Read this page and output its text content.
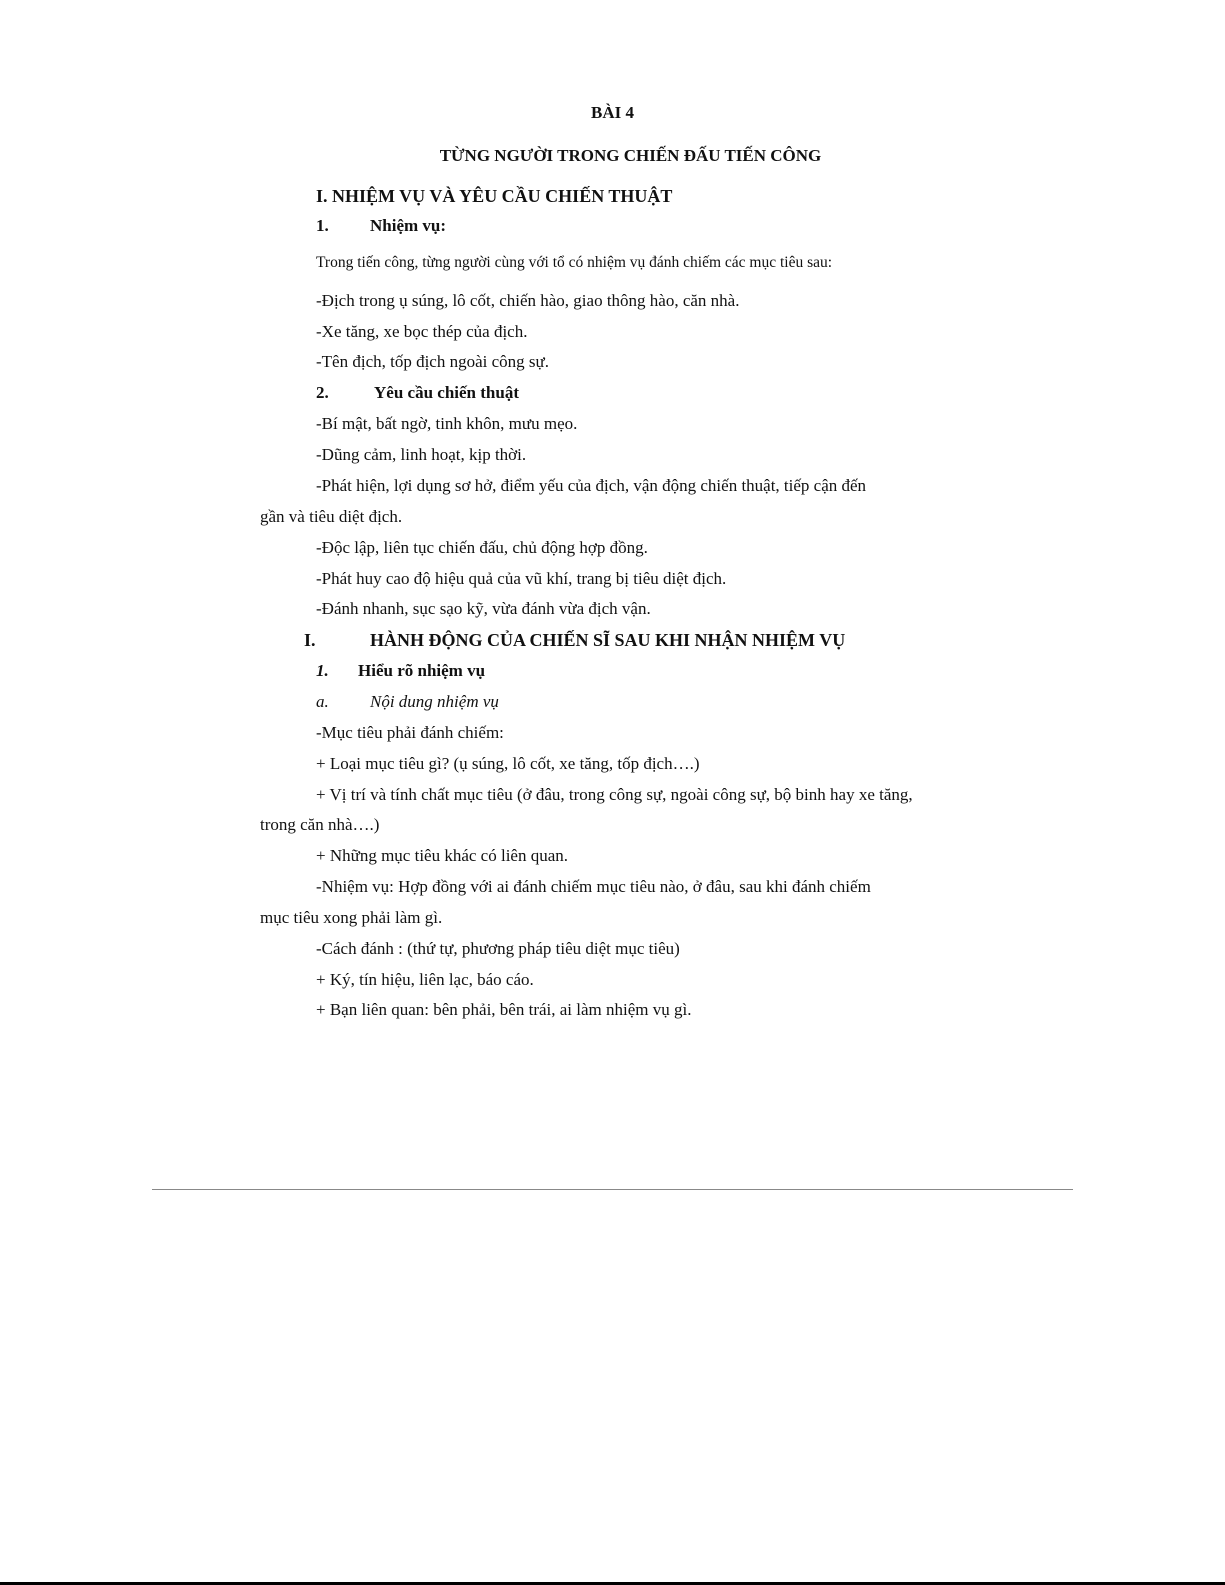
BÀI 4
TỪNG NGƯỜI TRONG CHIẾN ĐẤU TIẾN CÔNG
I. NHIỆM VỤ VÀ YÊU CẦU CHIẾN THUẬT
1. Nhiệm vụ:
Trong tiến công, từng người cùng với tổ có nhiệm vụ đánh chiếm các mục tiêu sau:
-Địch trong ụ súng, lô cốt, chiến hào, giao thông hào, căn nhà.
-Xe tăng, xe bọc thép của địch.
-Tên địch, tốp địch ngoài công sự.
2.	Yêu cầu chiến thuật
-Bí mật, bất ngờ, tinh khôn, mưu mẹo.
-Dũng cảm, linh hoạt, kịp thời.
-Phát hiện, lợi dụng sơ hở, điểm yếu của địch, vận động chiến thuật, tiếp cận đến
gần và tiêu diệt địch.
-Độc lập, liên tục chiến đấu, chủ động hợp đồng.
-Phát huy cao độ hiệu quả của vũ khí, trang bị tiêu diệt địch.
-Đánh nhanh, sục sạo kỹ, vừa đánh vừa địch vận.
I.	HÀNH ĐỘNG CỦA CHIẾN SĨ SAU KHI NHẬN NHIỆM VỤ
1. Hiểu rõ nhiệm vụ
a. Nội dung nhiệm vụ
-Mục tiêu phải đánh chiếm:
+ Loại mục tiêu gì? (ụ súng, lô cốt, xe tăng, tốp địch….)
+ Vị trí và tính chất mục tiêu (ở đâu, trong công sự, ngoài công sự, bộ binh hay xe tăng,
trong căn nhà….)
+ Những mục tiêu khác có liên quan.
-Nhiệm vụ: Hợp đồng với ai đánh chiếm mục tiêu nào, ở đâu, sau khi đánh chiếm
mục tiêu xong phải làm gì.
-Cách đánh : (thứ tự, phương pháp tiêu diệt mục tiêu)
+ Ký, tín hiệu, liên lạc, báo cáo.
+ Bạn liên quan: bên phải, bên trái, ai làm nhiệm vụ gì.
